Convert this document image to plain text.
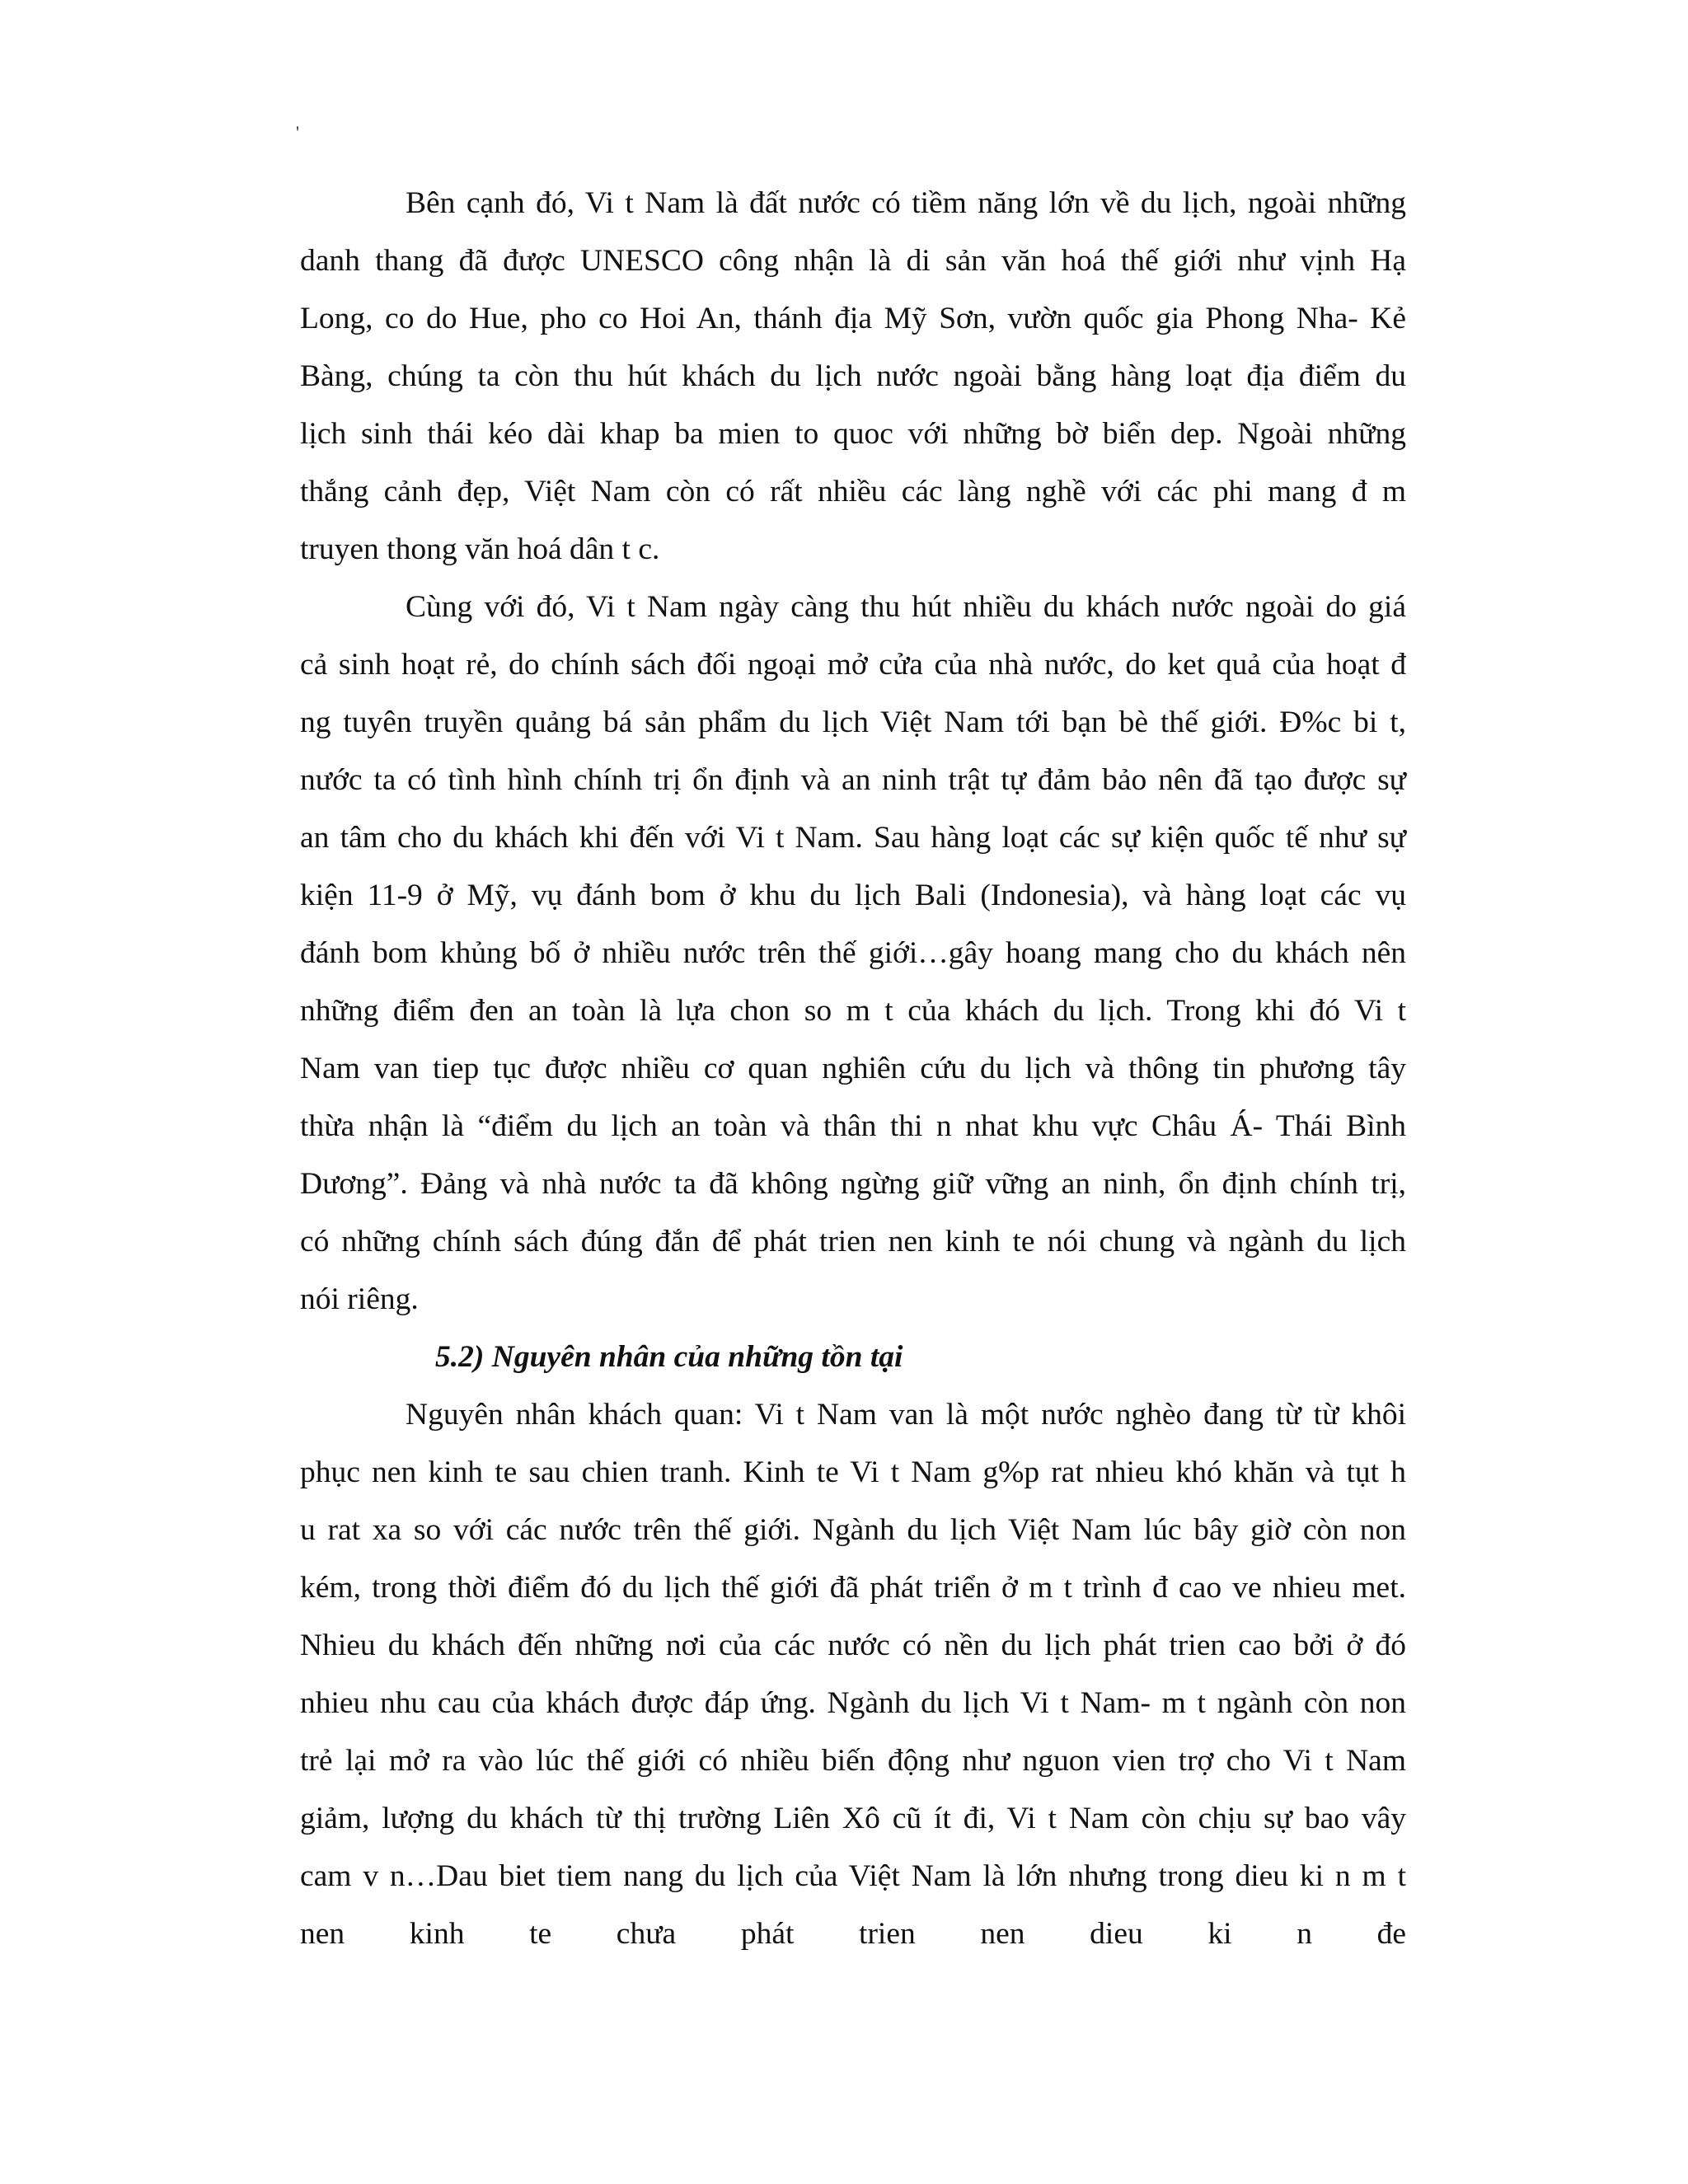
'
Bên cạnh đó, Vi t Nam là đất nước có tiềm năng lớn về du lịch, ngoài những
danh thang đã được UNESCO công nhận là di sản văn hoá thế giới như vịnh Hạ
Long, co do Hue, pho co Hoi An, thánh địa Mỹ Sơn, vườn quốc gia Phong Nha- Kẻ
Bàng, chúng ta còn thu hút khách du lịch nước ngoài bằng hàng loạt địa điểm du
lịch sinh thái kéo dài khap ba mien to quoc với những bờ biển dep. Ngoài những
thắng cảnh đẹp, Việt Nam còn có rất nhiều các làng nghề với các phi mang đ m
truyen thong văn hoá dân t c.
Cùng với đó, Vi t Nam ngày càng thu hút nhiều du khách nước ngoài do giá
cả sinh hoạt rẻ, do chính sách đối ngoại mở cửa của nhà nước, do ket quả của hoạt đ
ng tuyên truyền quảng bá sản phẩm du lịch Việt Nam tới bạn bè thế giới. Đ%c bi t,
nước ta có tình hình chính trị ổn định và an ninh trật tự đảm bảo nên đã tạo được sự
an tâm cho du khách khi đến với Vi t Nam. Sau hàng loạt các sự kiện quốc tế như sự
kiện 11-9 ở Mỹ, vụ đánh bom ở khu du lịch Bali (Indonesia), và hàng loạt các vụ
đánh bom khủng bố ở nhiều nước trên thế giới…gây hoang mang cho du khách nên
những điểm đen an toàn là lựa chon so m t của khách du lịch. Trong khi đó Vi t
Nam van tiep tục được nhiều cơ quan nghiên cứu du lịch và thông tin phương tây
thừa nhận là “điểm du lịch an toàn và thân thi n nhat khu vực Châu Á- Thái Bình
Dương”. Đảng và nhà nước ta đã không ngừng giữ vững an ninh, ổn định chính trị,
có những chính sách đúng đắn để phát trien nen kinh te nói chung và ngành du lịch
nói riêng.
5.2) Nguyên nhân của những tồn tại
Nguyên nhân khách quan: Vi t Nam van là một nước nghèo đang từ từ khôi
phục nen kinh te sau chien tranh. Kinh te Vi t Nam g%p rat nhieu khó khăn và tụt h
u rat xa so với các nước trên thế giới. Ngành du lịch Việt Nam lúc bây giờ còn non
kém, trong thời điểm đó du lịch thế giới đã phát triển ở m t trình đ cao ve nhieu met.
Nhieu du khách đến những nơi của các nước có nền du lịch phát trien cao bởi ở đó
nhieu nhu cau của khách được đáp ứng. Ngành du lịch Vi t Nam- m t ngành còn non
trẻ lại mở ra vào lúc thế giới có nhiều biến động như nguon vien trợ cho Vi t Nam
giảm, lượng du khách từ thị trường Liên Xô cũ ít đi, Vi t Nam còn chịu sự bao vây
cam v n…Dau biet tiem nang du lịch của Việt Nam là lớn nhưng trong dieu ki n m t
nen kinh te chưa phát trien nen dieu ki n đe
